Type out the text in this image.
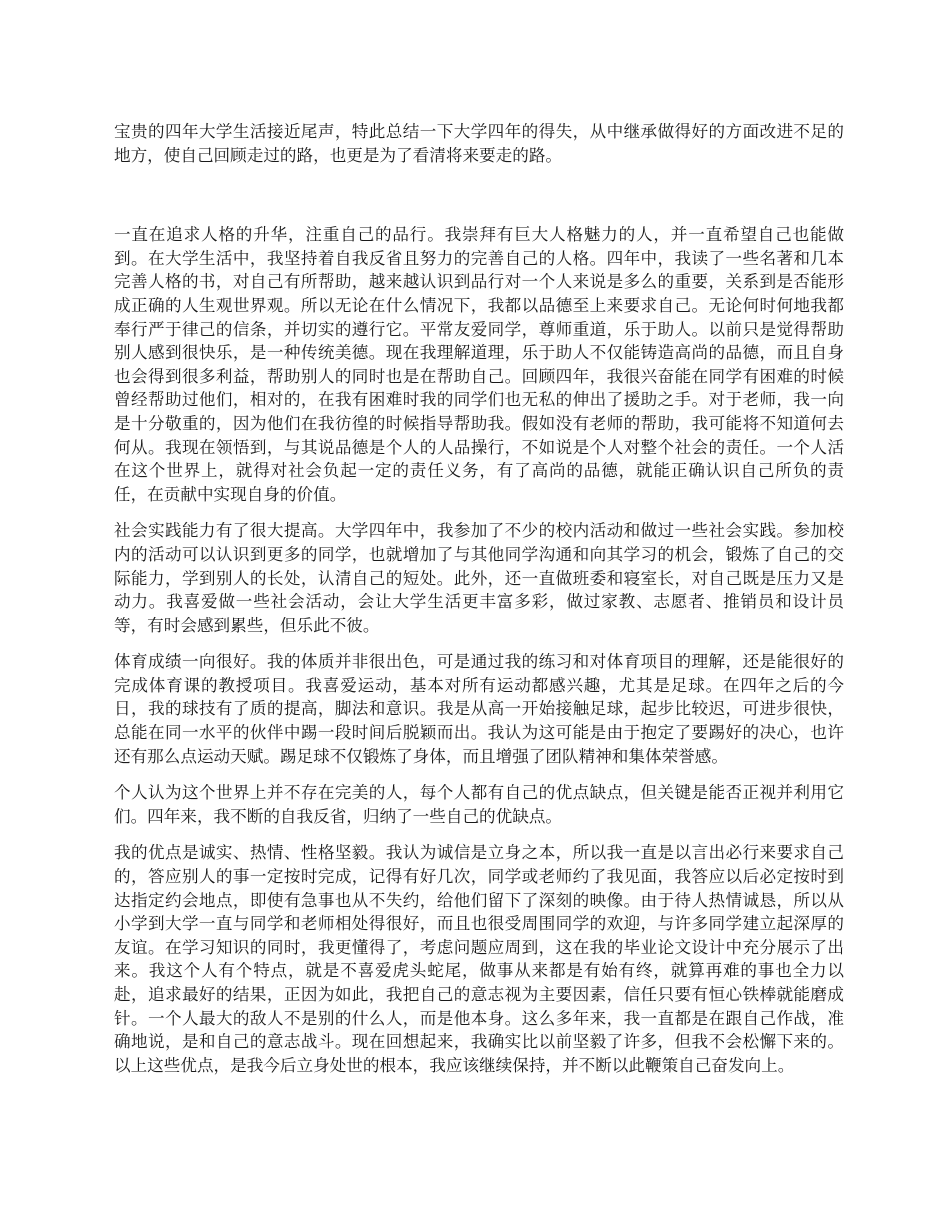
宝贵的四年大学生活接近尾声，特此总结一下大学四年的得失，从中继承做得好的方面改进不足的地方，使自己回顾走过的路，也更是为了看清将来要走的路。

一直在追求人格的升华，注重自己的品行。我崇拜有巨大人格魅力的人，并一直希望自己也能做到。在大学生活中，我坚持着自我反省且努力的完善自己的人格。四年中，我读了一些名著和几本完善人格的书，对自己有所帮助，越来越认识到品行对一个人来说是多么的重要，关系到是否能形成正确的人生观世界观。所以无论在什么情况下，我都以品德至上来要求自己。无论何时何地我都奉行严于律己的信条，并切实的遵行它。平常友爱同学，尊师重道，乐于助人。以前只是觉得帮助别人感到很快乐，是一种传统美德。现在我理解道理，乐于助人不仅能铸造高尚的品德，而且自身也会得到很多利益，帮助别人的同时也是在帮助自己。回顾四年，我很兴奋能在同学有困难的时候曾经帮助过他们，相对的，在我有困难时我的同学们也无私的伸出了援助之手。对于老师，我一向是十分敬重的，因为他们在我彷徨的时候指导帮助我。假如没有老师的帮助，我可能将不知道何去何从。我现在领悟到，与其说品德是个人的人品操行，不如说是个人对整个社会的责任。一个人活在这个世界上，就得对社会负起一定的责任义务，有了高尚的品德，就能正确认识自己所负的责任，在贡献中实现自身的价值。

社会实践能力有了很大提高。大学四年中，我参加了不少的校内活动和做过一些社会实践。参加校内的活动可以认识到更多的同学，也就增加了与其他同学沟通和向其学习的机会，锻炼了自己的交际能力，学到别人的长处，认清自己的短处。此外，还一直做班委和寝室长，对自己既是压力又是动力。我喜爱做一些社会活动，会让大学生活更丰富多彩，做过家教、志愿者、推销员和设计员等，有时会感到累些，但乐此不彼。

体育成绩一向很好。我的体质并非很出色，可是通过我的练习和对体育项目的理解，还是能很好的完成体育课的教授项目。我喜爱运动，基本对所有运动都感兴趣，尤其是足球。在四年之后的今日，我的球技有了质的提高，脚法和意识。我是从高一开始接触足球，起步比较迟，可进步很快，总能在同一水平的伙伴中踢一段时间后脱颖而出。我认为这可能是由于抱定了要踢好的决心，也许还有那么点运动天赋。踢足球不仅锻炼了身体，而且增强了团队精神和集体荣誉感。

个人认为这个世界上并不存在完美的人，每个人都有自己的优点缺点，但关键是能否正视并利用它们。四年来，我不断的自我反省，归纳了一些自己的优缺点。

我的优点是诚实、热情、性格坚毅。我认为诚信是立身之本，所以我一直是以言出必行来要求自己的，答应别人的事一定按时完成，记得有好几次，同学或老师约了我见面，我答应以后必定按时到达指定约会地点，即使有急事也从不失约，给他们留下了深刻的映像。由于待人热情诚恳，所以从小学到大学一直与同学和老师相处得很好，而且也很受周围同学的欢迎，与许多同学建立起深厚的友谊。在学习知识的同时，我更懂得了，考虑问题应周到，这在我的毕业论文设计中充分展示了出来。我这个人有个特点，就是不喜爱虎头蛇尾，做事从来都是有始有终，就算再难的事也全力以赴，追求最好的结果，正因为如此，我把自己的意志视为主要因素，信任只要有恒心铁棒就能磨成针。一个人最大的敌人不是别的什么人，而是他本身。这么多年来，我一直都是在跟自己作战，准确地说，是和自己的意志战斗。现在回想起来，我确实比以前坚毅了许多，但我不会松懈下来的。以上这些优点，是我今后立身处世的根本，我应该继续保持，并不断以此鞭策自己奋发向上。
